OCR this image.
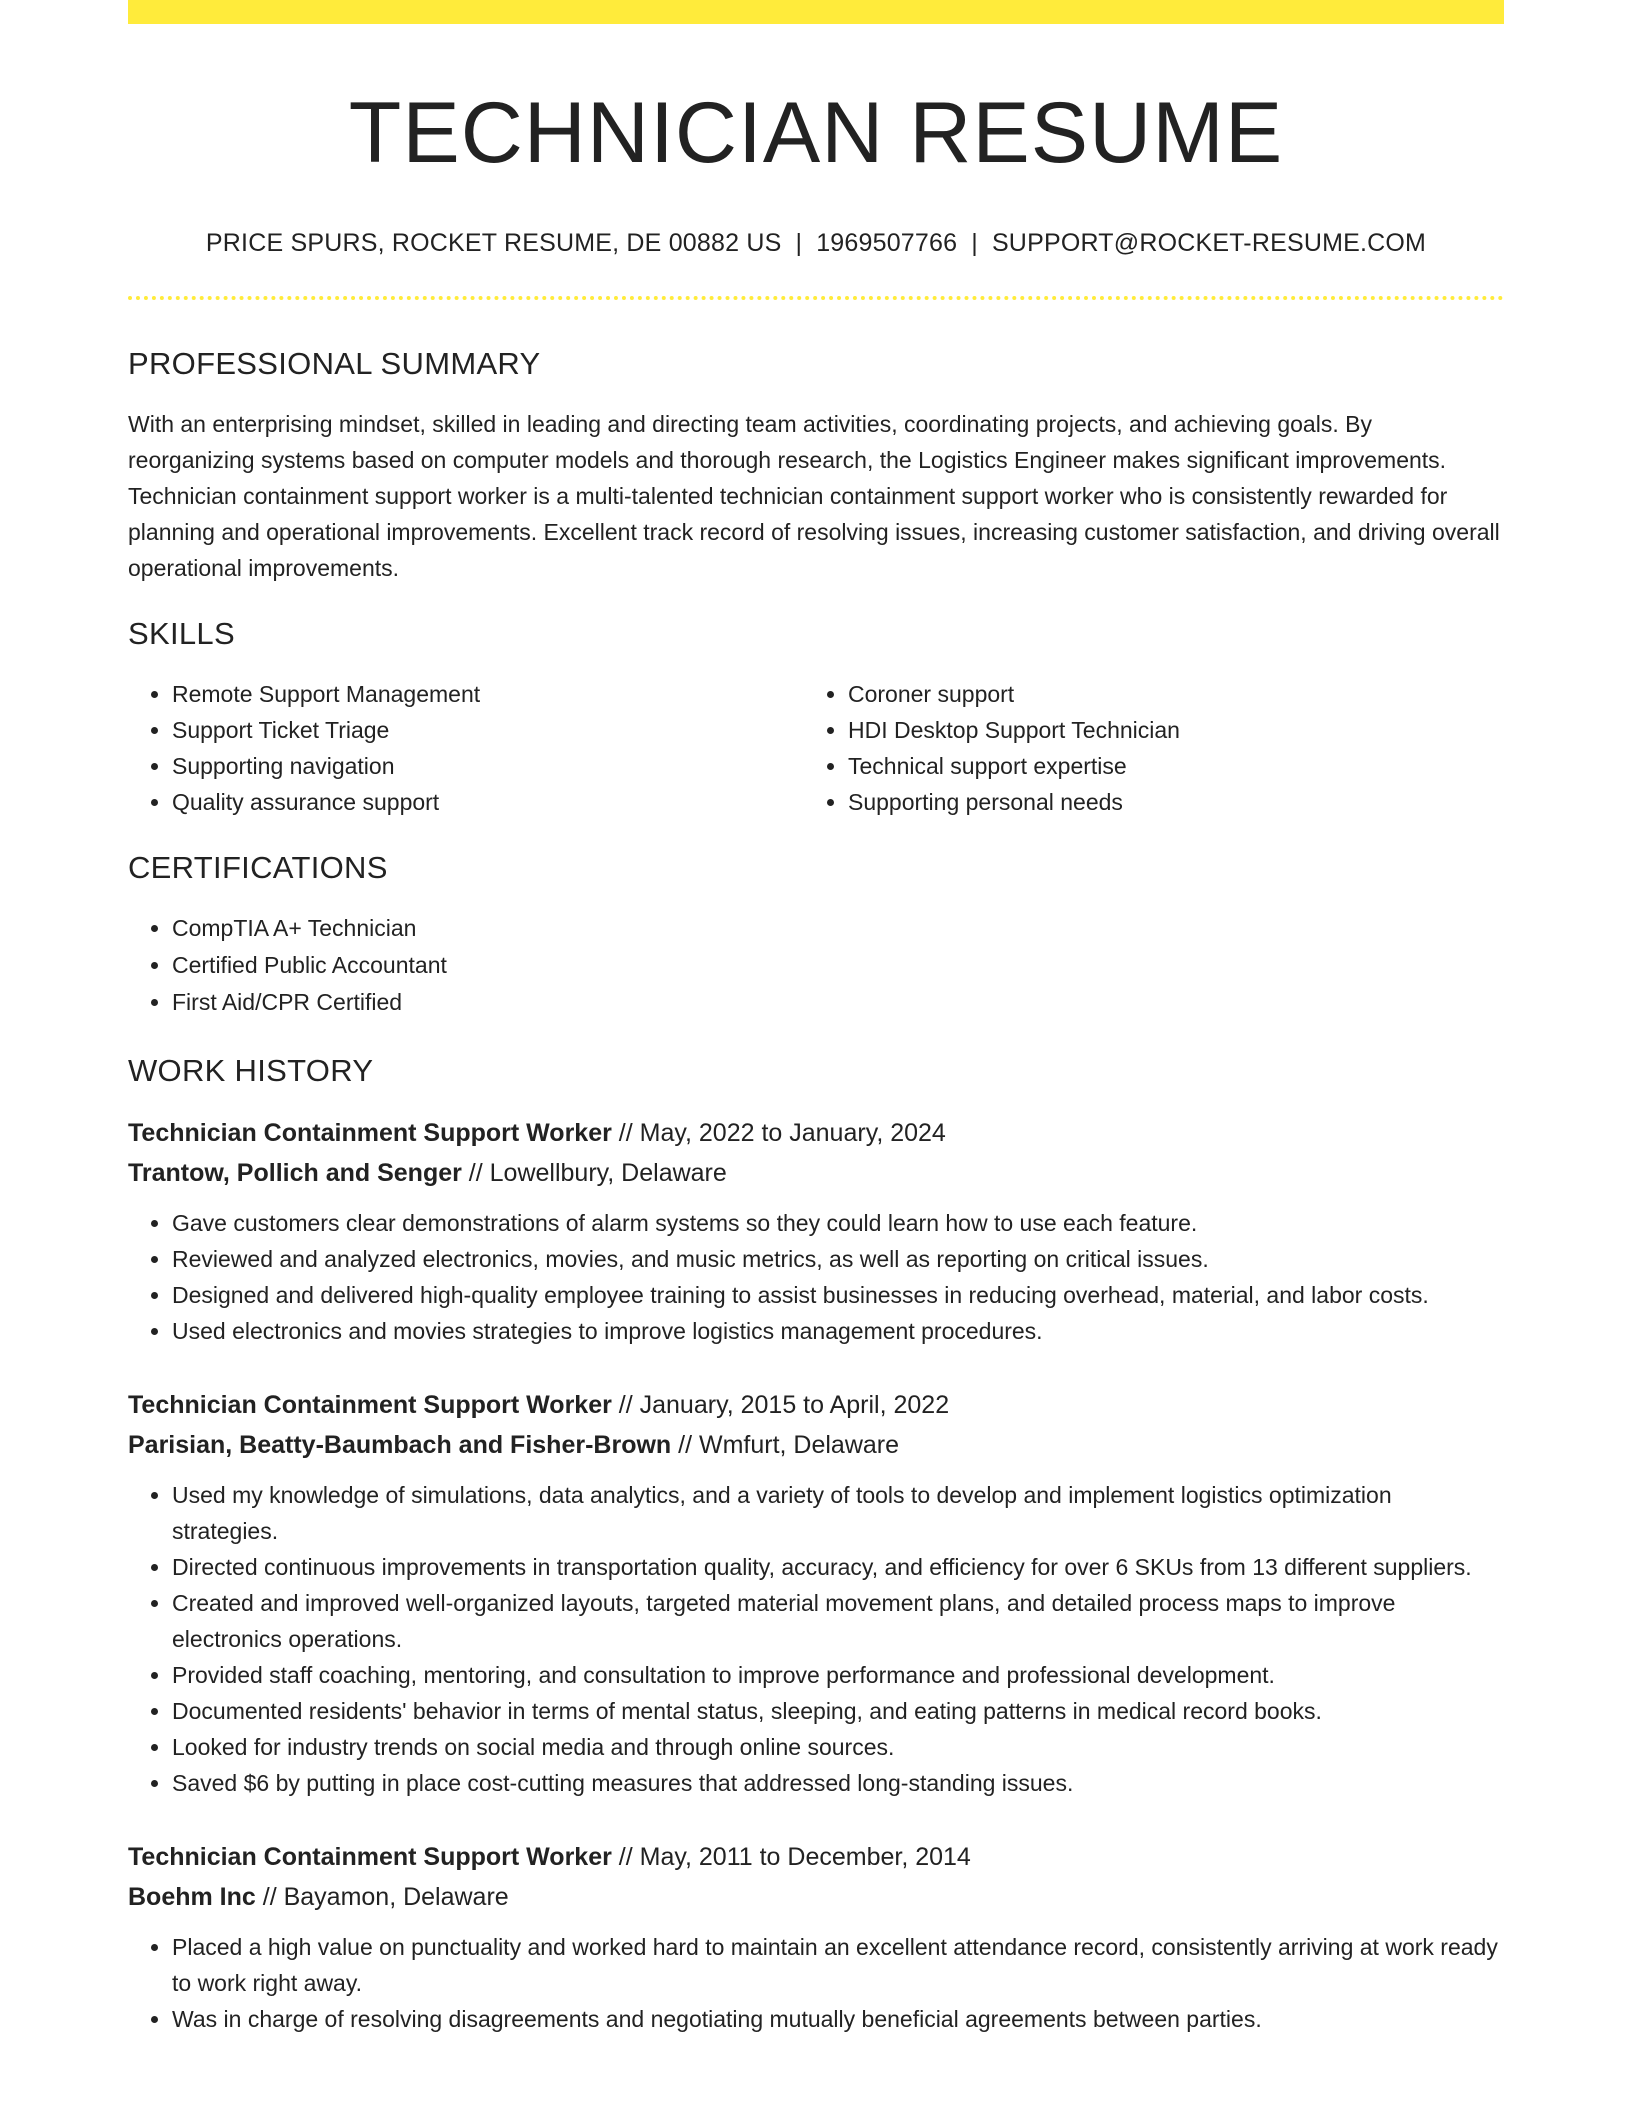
TECHNICIAN RESUME
PRICE SPURS, ROCKET RESUME, DE 00882 US | 1969507766 | SUPPORT@ROCKET-RESUME.COM
PROFESSIONAL SUMMARY

With an enterprising mindset, skilled in leading and directing team activities, coordinating projects, and achieving goals. By reorganizing systems based on computer models and thorough research, the Logistics Engineer makes significant improvements. Technician containment support worker is a multi-talented technician containment support worker who is consistently rewarded for planning and operational improvements. Excellent track record of resolving issues, increasing customer satisfaction, and driving overall operational improvements.

SKILLS
• Remote Support Management
• Support Ticket Triage
• Supporting navigation
• Quality assurance support
• Coroner support
• HDI Desktop Support Technician
• Technical support expertise
• Supporting personal needs
CERTIFICATIONS
• CompTIA A+ Technician
• Certified Public Accountant
• First Aid/CPR Certified
WORK HISTORY
Technician Containment Support Worker // May, 2022 to January, 2024
Trantow, Pollich and Senger // Lowellbury, Delaware
• Gave customers clear demonstrations of alarm systems so they could learn how to use each feature.
• Reviewed and analyzed electronics, movies, and music metrics, as well as reporting on critical issues.
• Designed and delivered high-quality employee training to assist businesses in reducing overhead, material, and labor costs.
• Used electronics and movies strategies to improve logistics management procedures.
Technician Containment Support Worker // January, 2015 to April, 2022
Parisian, Beatty-Baumbach and Fisher-Brown // Wmfurt, Delaware
• Used my knowledge of simulations, data analytics, and a variety of tools to develop and implement logistics optimization strategies.
• Directed continuous improvements in transportation quality, accuracy, and efficiency for over 6 SKUs from 13 different suppliers.
• Created and improved well-organized layouts, targeted material movement plans, and detailed process maps to improve electronics operations.
• Provided staff coaching, mentoring, and consultation to improve performance and professional development.
• Documented residents' behavior in terms of mental status, sleeping, and eating patterns in medical record books.
• Looked for industry trends on social media and through online sources.
• Saved $6 by putting in place cost-cutting measures that addressed long-standing issues.
Technician Containment Support Worker // May, 2011 to December, 2014
Boehm Inc // Bayamon, Delaware
• Placed a high value on punctuality and worked hard to maintain an excellent attendance record, consistently arriving at work ready to work right away.
• Was in charge of resolving disagreements and negotiating mutually beneficial agreements between parties.
